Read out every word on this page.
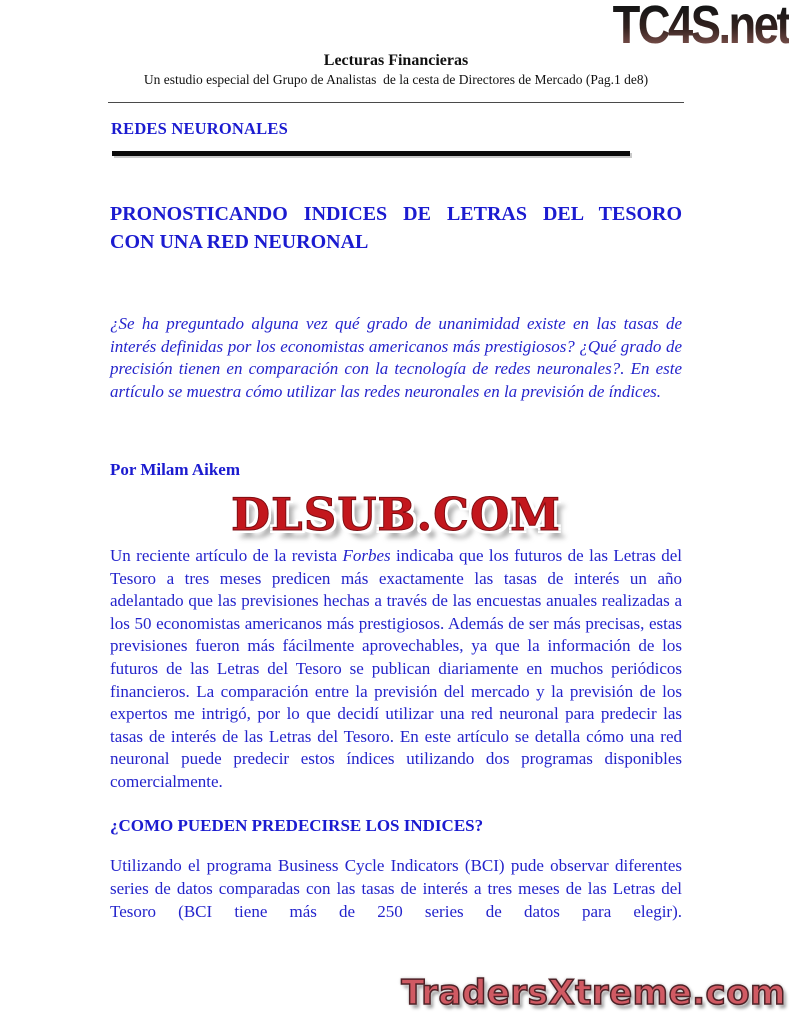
TC4S.net
Lecturas Financieras
Un estudio especial del Grupo de Analistas  de la cesta de Directores de Mercado (Pag.1 de8)
REDES NEURONALES
PRONOSTICANDO INDICES DE LETRAS DEL TESORO
CON UNA RED NEURONAL

¿Se ha preguntado alguna vez qué grado de unanimidad existe en las tasas de interés definidas por los economistas americanos más prestigiosos? ¿Qué grado de precisión tienen en comparación con la tecnología de redes neuronales?. En este artículo se muestra cómo utilizar las redes neuronales en la previsión de índices.

Por Milam Aikem
DLSUB.COM

Un reciente artículo de la revista Forbes indicaba que los futuros de las Letras del Tesoro a tres meses predicen más exactamente las tasas de interés un año adelantado que las previsiones hechas a través de las encuestas anuales realizadas a los 50 economistas americanos más prestigiosos. Además de ser más precisas, estas previsiones fueron más fácilmente aprovechables, ya que la información de los futuros de las Letras del Tesoro se publican diariamente en muchos periódicos financieros. La comparación entre la previsión del mercado y la previsión de los expertos me intrigó, por lo que decidí utilizar una red neuronal para predecir las tasas de interés de las Letras del Tesoro. En este artículo se detalla cómo una red neuronal puede predecir estos índices utilizando dos programas disponibles comercialmente.

¿COMO PUEDEN PREDECIRSE LOS INDICES?

Utilizando el programa Business Cycle Indicators (BCI) pude observar diferentes series de datos comparadas con las tasas de interés a tres meses de las Letras del Tesoro (BCI tiene más de 250 series de datos para elegir).

TradersXtreme.com
